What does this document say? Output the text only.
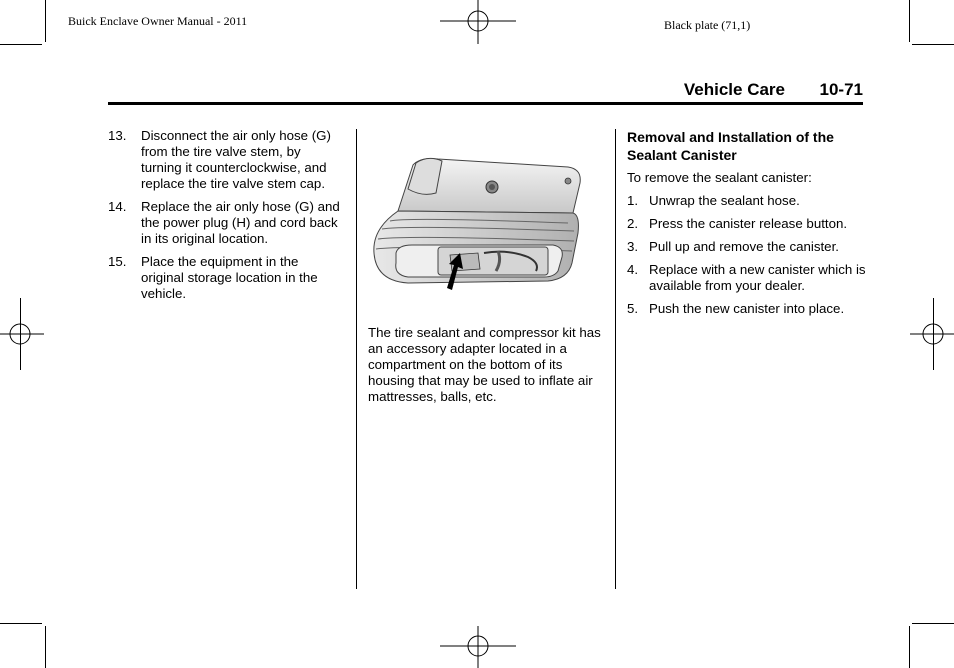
Buick Enclave Owner Manual - 2011	Black plate (71,1)
Vehicle Care 10-71
13. Disconnect the air only hose (G) from the tire valve stem, by turning it counterclockwise, and replace the tire valve stem cap.
14. Replace the air only hose (G) and the power plug (H) and cord back in its original location.
15. Place the equipment in the original storage location in the vehicle.

The tire sealant and compressor kit has an accessory adapter located in a compartment on the bottom of its housing that may be used to inflate air mattresses, balls, etc.

Removal and Installation of the Sealant Canister

To remove the sealant canister:

1. Unwrap the sealant hose.
2. Press the canister release button.
3. Pull up and remove the canister.
4. Replace with a new canister which is available from your dealer.
5. Push the new canister into place.
